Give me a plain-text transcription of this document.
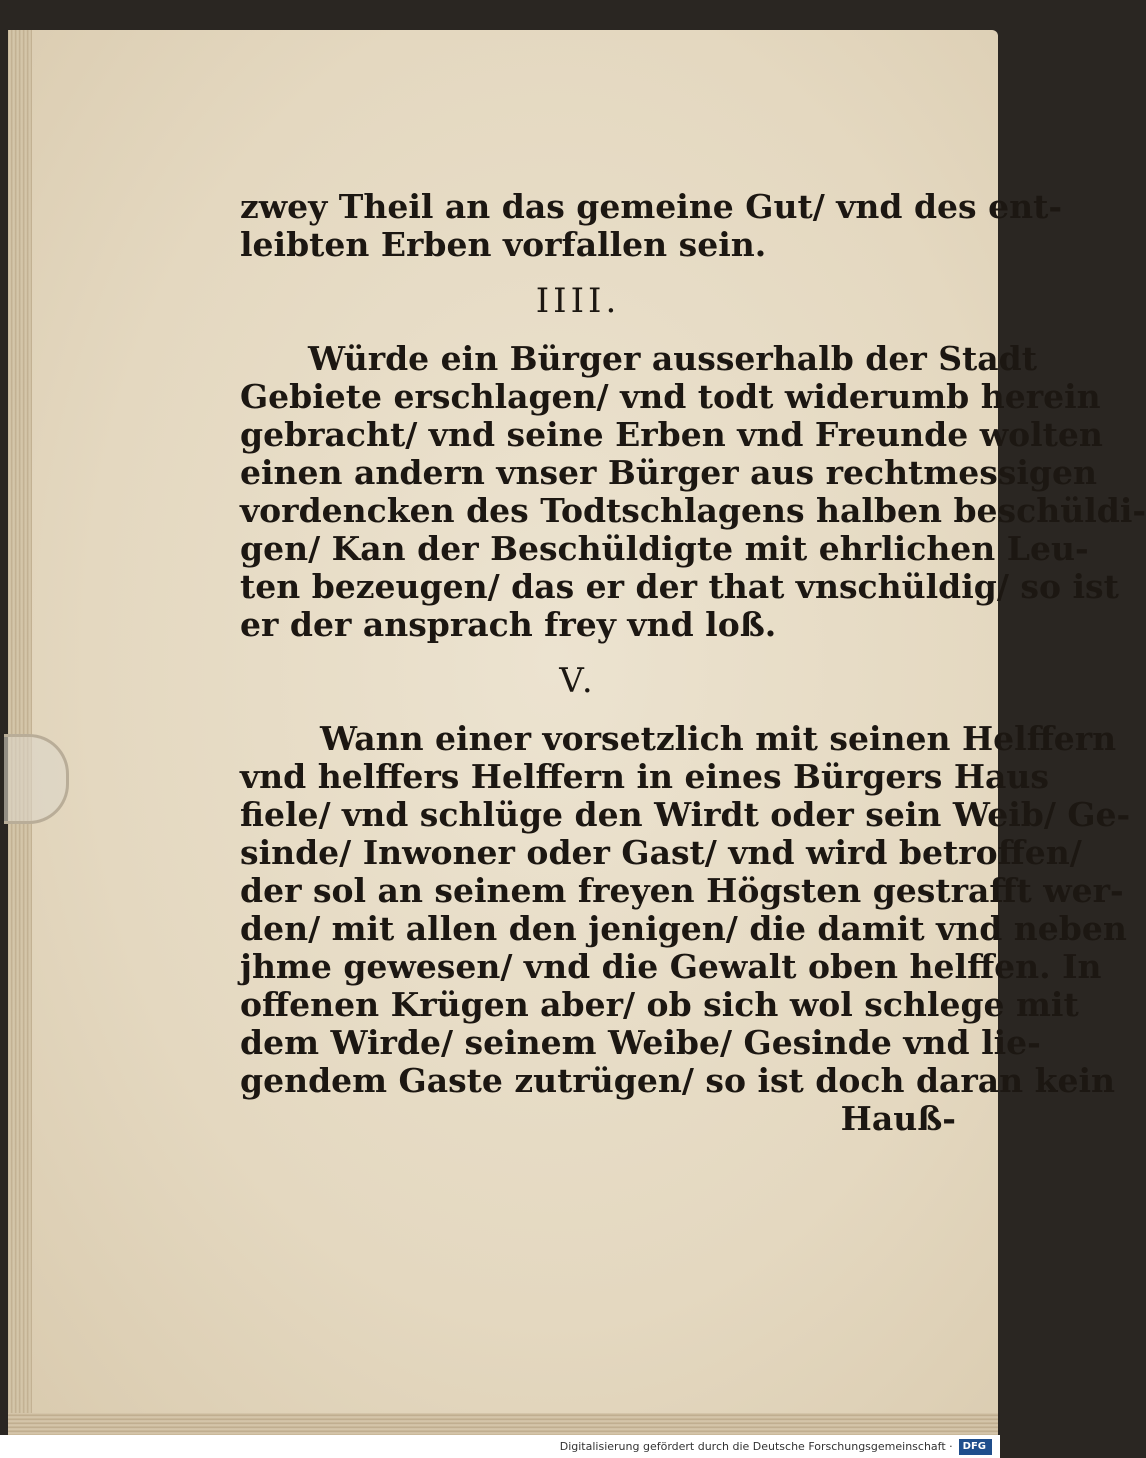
zwey Theil an das gemeine Gut/ vnd des ent-
leibten Erben vorfallen sein.
IIII.
Würde ein Bürger ausserhalb der Stadt
Gebiete erschlagen/ vnd todt widerumb herein
gebracht/ vnd seine Erben vnd Freunde wolten
einen andern vnser Bürger aus rechtmessigen
vordencken des Todtschlagens halben beschüldi-
gen/ Kan der Beschüldigte mit ehrlichen Leu-
ten bezeugen/ das er der that vnschüldig/ so ist
er der ansprach frey vnd loß.
V.
Wann einer vorsetzlich mit seinen Helffern
vnd helffers Helffern in eines Bürgers Haus
fiele/ vnd schlüge den Wirdt oder sein Weib/ Ge-
sinde/ Inwoner oder Gast/ vnd wird betroffen/
der sol an seinem freyen Högsten gestrafft wer-
den/ mit allen den jenigen/ die damit vnd neben
jhme gewesen/ vnd die Gewalt oben helffen. In
offenen Krügen aber/ ob sich wol schlege mit
dem Wirde/ seinem Weibe/ Gesinde vnd lie-
gendem Gaste zutrügen/ so ist doch daran kein
Hauß-
Digitalisierung gefördert durch die Deutsche Forschungsgemeinschaft · DFG
